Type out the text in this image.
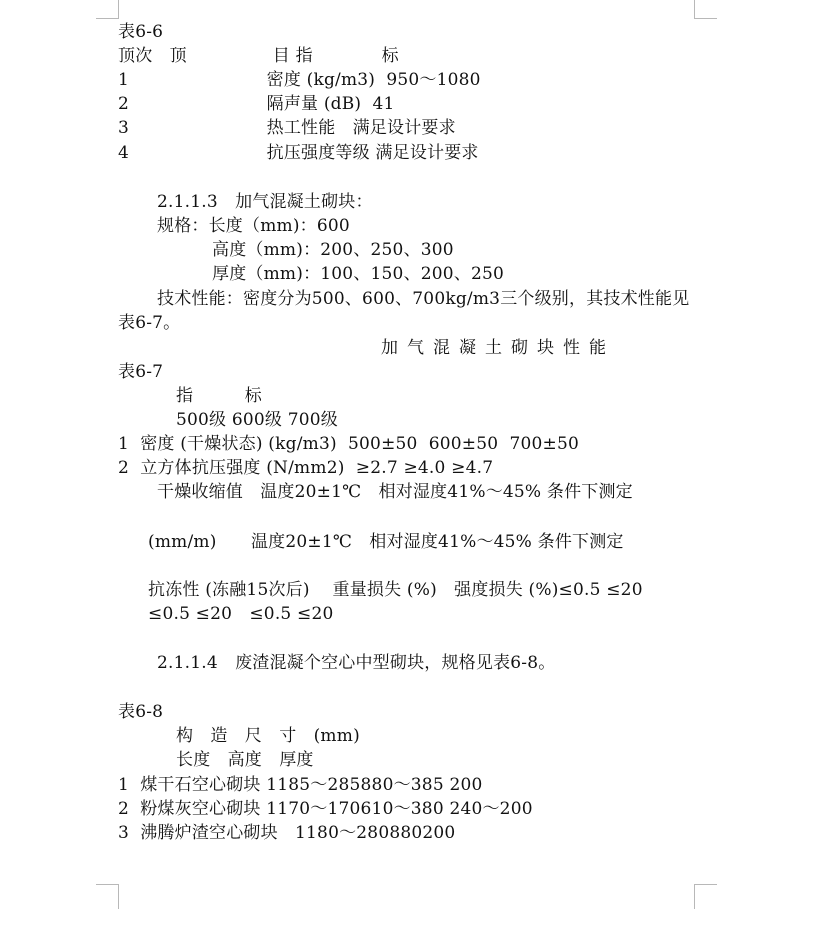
表6-6
顶次　顶　　　　　目 指　　　　标
1　　　　　　　　密度 (kg/m3)  950～1080
2　　　　　　　　隔声量 (dB)  41
3　　　　　　　　热工性能　满足设计要求
4　　　　　　　　抗压强度等级 满足设计要求
2.1.1.3　加气混凝土砌块：
规格：长度（mm)：600
高度（mm)：200、250、300
厚度（mm)：100、150、200、250
技术性能：密度分为500、600、700kg/m3三个级别，其技术性能见
表6-7。
加气混凝土砌块性能
表6-7
指　　　标
500级 600级 700级
1  密度 (干燥状态) (kg/m3)  500±50  600±50  700±50
2  立方体抗压强度 (N/mm2)  ≥2.7 ≥4.0 ≥4.7
干燥收缩值　温度20±1℃　相对湿度41%～45% 条件下测定
(mm/m)　　温度20±1℃　相对湿度41%～45% 条件下测定
抗冻性 (冻融15次后)　 重量损失 (%)　强度损失 (%)≤0.5 ≤20
≤0.5 ≤20　≤0.5 ≤20
2.1.1.4　废渣混凝个空心中型砌块，规格见表6-8。
表6-8
构　造　尺　寸　(mm)
长度　高度　厚度
1  煤干石空心砌块 1185～285880～385 200
2  粉煤灰空心砌块 1170～170610～380 240～200
3  沸腾炉渣空心砌块　1180～280880200
